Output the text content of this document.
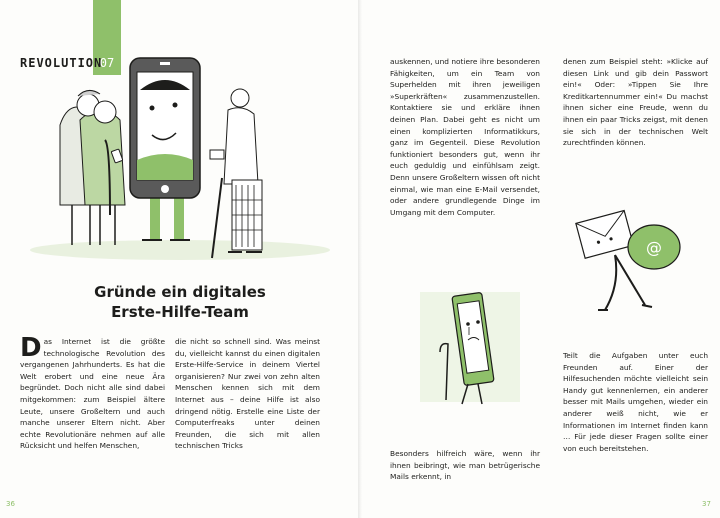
REVOLUTION
07
Gründe ein digitales
Erste-Hilfe-Team
D as Internet ist die größte technologische Revolution des vergangenen Jahrhunderts. Es hat die Welt erobert und eine neue Ära begründet. Doch nicht alle sind dabei mitgekommen: zum Beispiel ältere Leute, unsere Großeltern und auch manche unserer Eltern nicht. Aber echte Revolutionäre nehmen auf alle Rücksicht und helfen Menschen,

die nicht so schnell sind. Was meinst du, vielleicht kannst du einen digitalen Erste-Hilfe-Service in deinem Viertel organisieren? Nur zwei von zehn alten Menschen kennen sich mit dem Internet aus – deine Hilfe ist also dringend nötig. Erstelle eine Liste der Computerfreaks unter deinen Freunden, die sich mit allen technischen Tricks

36

auskennen, und notiere ihre besonderen Fähigkeiten, um ein Team von Superhelden mit ihren jeweiligen »Superkräften« zusammenzustellen. Kontaktiere sie und erkläre ihnen deinen Plan. Dabei geht es nicht um einen komplizierten Informatikkurs, ganz im Gegenteil. Diese Revolution funktioniert besonders gut, wenn ihr euch geduldig und einfühlsam zeigt. Denn unsere Großeltern wissen oft nicht einmal, wie man eine E-Mail versendet, oder andere grundlegende Dinge im Umgang mit dem Computer.

Besonders hilfreich wäre, wenn ihr ihnen beibringt, wie man betrügerische Mails erkennt, in

denen zum Beispiel steht: »Klicke auf diesen Link und gib dein Passwort ein!« Oder: »Tippen Sie Ihre Kreditkartennummer ein!« Du machst ihnen sicher eine Freude, wenn du ihnen ein paar Tricks zeigst, mit denen sie sich in der technischen Welt zurechtfinden können.

@

Teilt die Aufgaben unter euch Freunden auf. Einer der Hilfesuchenden möchte vielleicht sein Handy gut kennenlernen, ein anderer besser mit Mails umgehen, wieder ein anderer weiß nicht, wie er Informationen im Internet finden kann … Für jede dieser Fragen sollte einer von euch bereitstehen.

37
